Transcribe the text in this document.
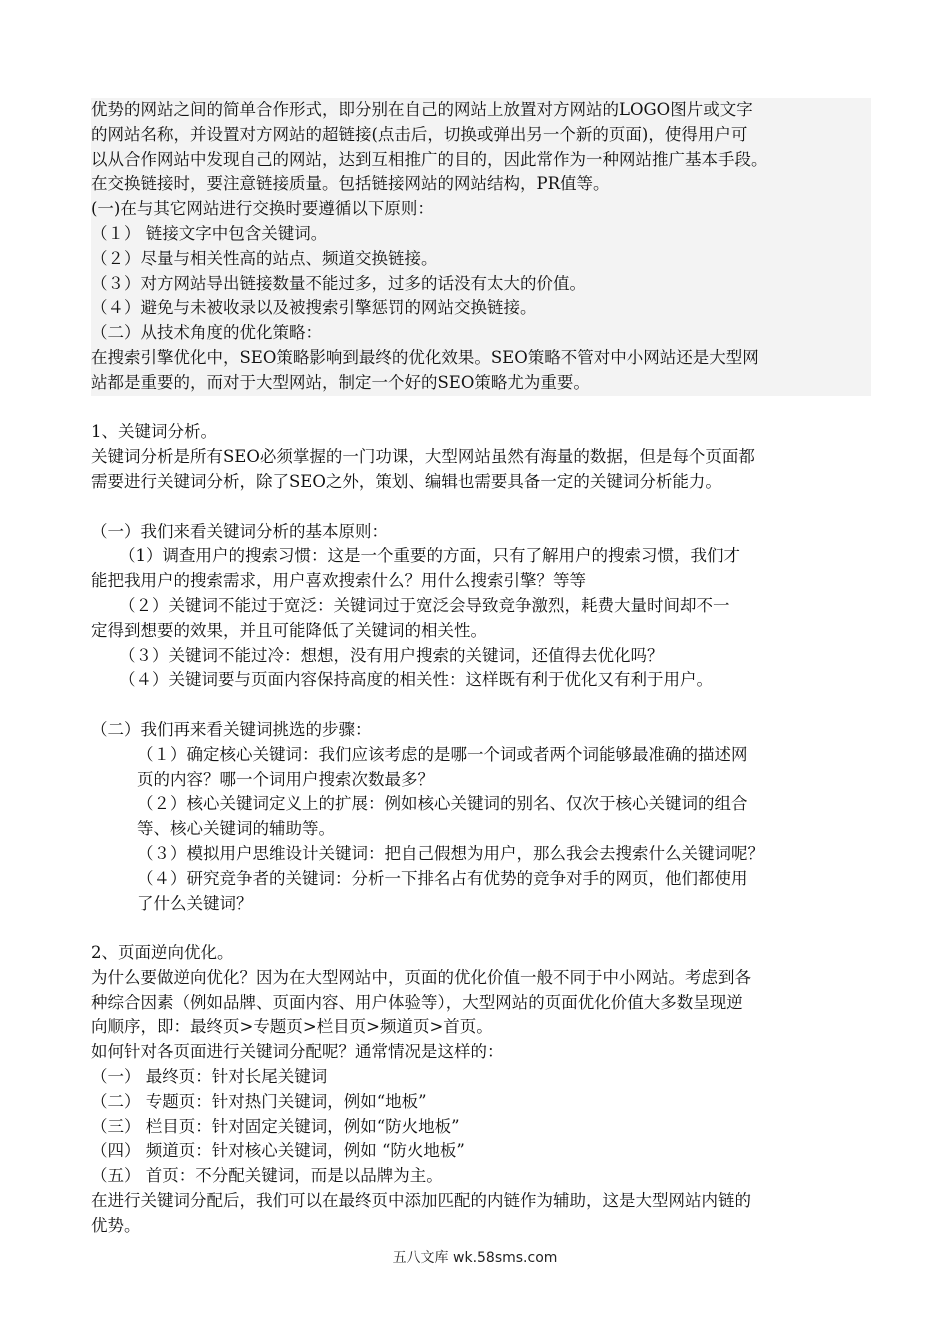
优势的网站之间的简单合作形式，即分别在自己的网站上放置对方网站的LOGO图片或文字
的网站名称，并设置对方网站的超链接(点击后，切换或弹出另一个新的页面)，使得用户可
以从合作网站中发现自己的网站，达到互相推广的目的，因此常作为一种网站推广基本手段。
在交换链接时，要注意链接质量。包括链接网站的网站结构，PR值等。
(一)在与其它网站进行交换时要遵循以下原则：
（１） 链接文字中包含关键词。
（２）尽量与相关性高的站点、频道交换链接。
（３）对方网站导出链接数量不能过多，过多的话没有太大的价值。
（４）避免与未被收录以及被搜索引擎惩罚的网站交换链接。
（二）从技术角度的优化策略：
在搜索引擎优化中，SEO策略影响到最终的优化效果。SEO策略不管对中小网站还是大型网
站都是重要的，而对于大型网站，制定一个好的SEO策略尤为重要。
1、关键词分析。
关键词分析是所有SEO必须掌握的一门功课，大型网站虽然有海量的数据，但是每个页面都
需要进行关键词分析，除了SEO之外，策划、编辑也需要具备一定的关键词分析能力。
（一）我们来看关键词分析的基本原则：
（1）调查用户的搜索习惯：这是一个重要的方面，只有了解用户的搜索习惯，我们才
能把我用户的搜索需求，用户喜欢搜索什么？用什么搜索引擎？等等
（２）关键词不能过于宽泛：关键词过于宽泛会导致竞争激烈，耗费大量时间却不一
定得到想要的效果，并且可能降低了关键词的相关性。
（３）关键词不能过冷：想想，没有用户搜索的关键词，还值得去优化吗？
（４）关键词要与页面内容保持高度的相关性：这样既有利于优化又有利于用户。
（二）我们再来看关键词挑选的步骤：
（１）确定核心关键词：我们应该考虑的是哪一个词或者两个词能够最准确的描述网
页的内容？哪一个词用户搜索次数最多？
（２）核心关键词定义上的扩展：例如核心关键词的别名、仅次于核心关键词的组合
等、核心关键词的辅助等。
（３）模拟用户思维设计关键词：把自己假想为用户，那么我会去搜索什么关键词呢？
（４）研究竞争者的关键词：分析一下排名占有优势的竞争对手的网页，他们都使用
了什么关键词？
2、页面逆向优化。
为什么要做逆向优化？因为在大型网站中，页面的优化价值一般不同于中小网站。考虑到各
种综合因素（例如品牌、页面内容、用户体验等），大型网站的页面优化价值大多数呈现逆
向顺序，即：最终页>专题页>栏目页>频道页>首页。
如何针对各页面进行关键词分配呢？通常情况是这样的：
（一） 最终页：针对长尾关键词
（二） 专题页：针对热门关键词，例如“地板”
（三） 栏目页：针对固定关键词，例如“防火地板”
（四） 频道页：针对核心关键词，例如 “防火地板”
（五） 首页：不分配关键词，而是以品牌为主。
在进行关键词分配后，我们可以在最终页中添加匹配的内链作为辅助，这是大型网站内链的
优势。
五八文库 wk.58sms.com
